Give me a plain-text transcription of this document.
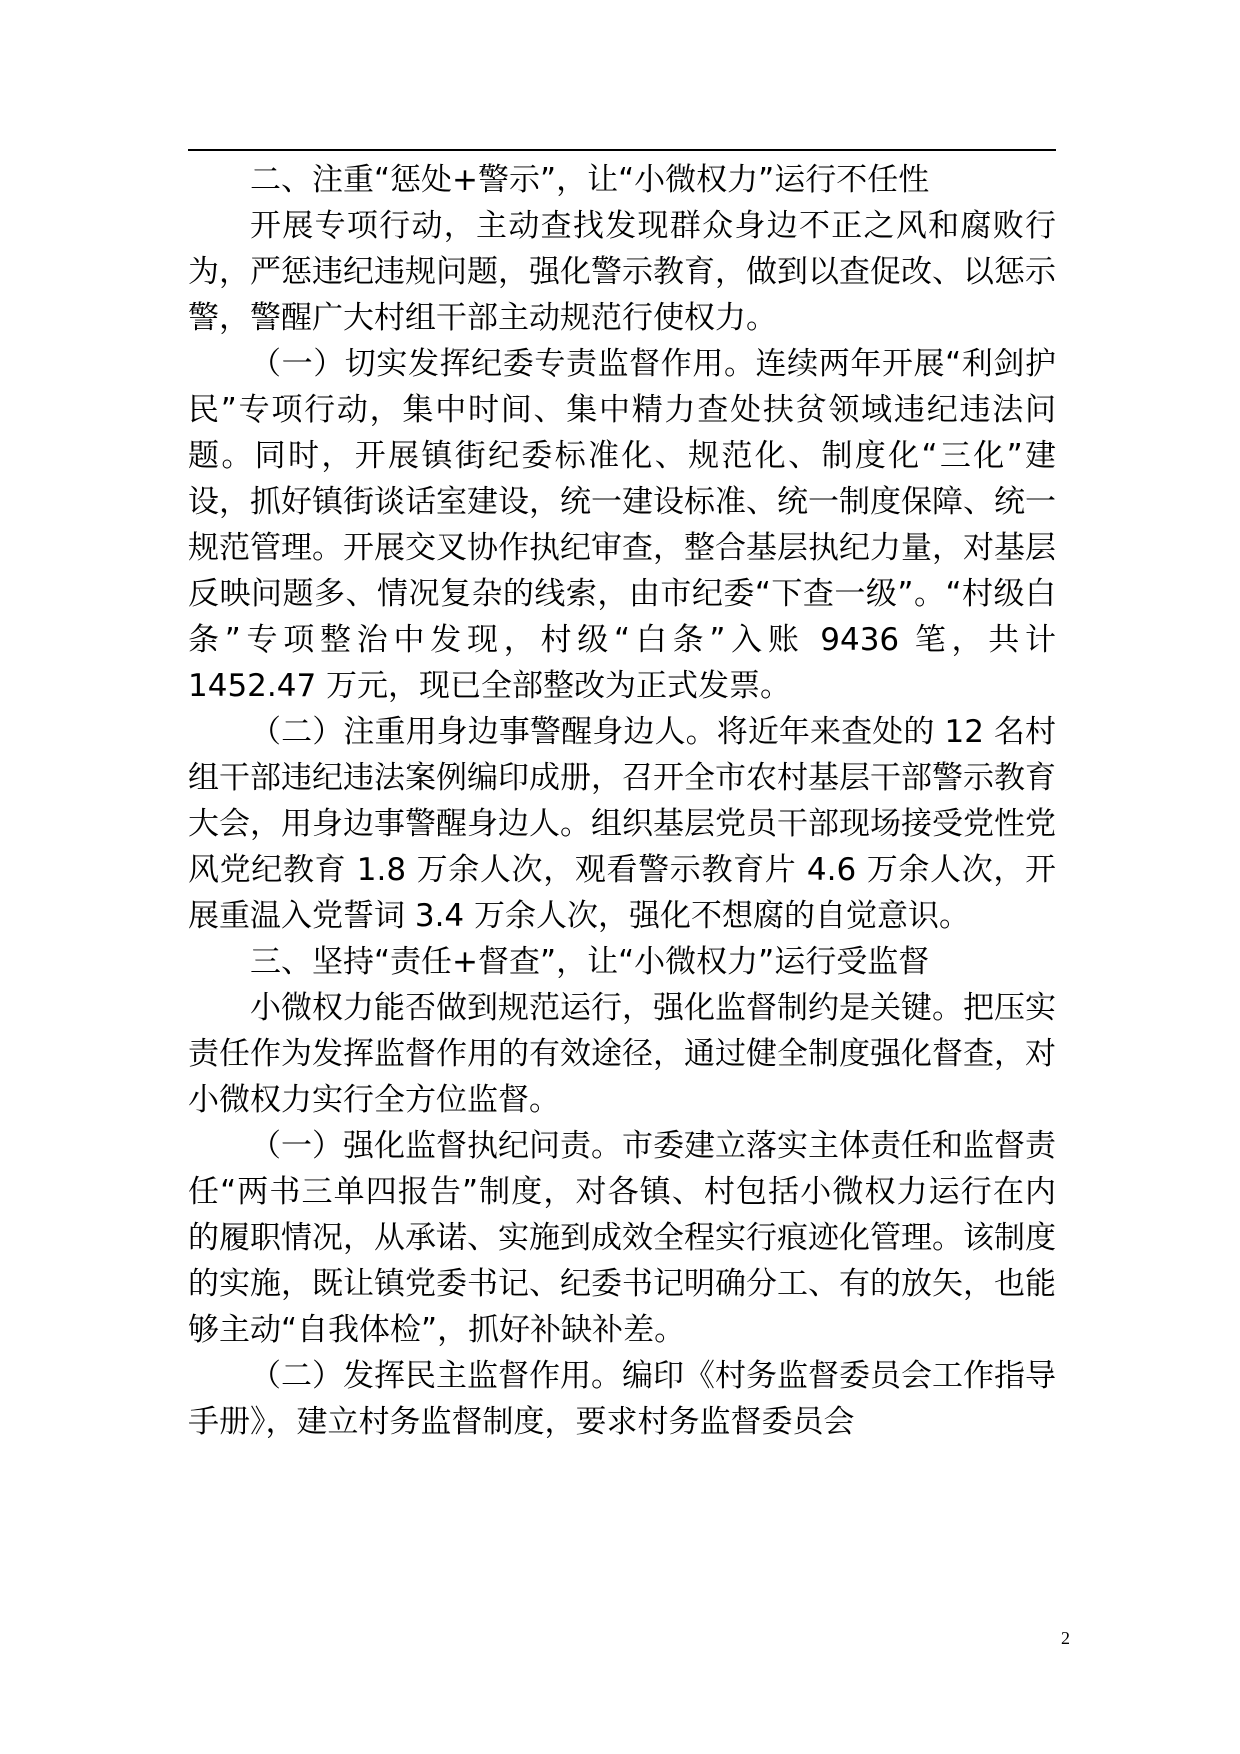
二、注重“惩处+警示”，让“小微权力”运行不任性

开展专项行动，主动查找发现群众身边不正之风和腐败行为，严惩违纪违规问题，强化警示教育，做到以查促改、以惩示警，警醒广大村组干部主动规范行使权力。

（一）切实发挥纪委专责监督作用。连续两年开展“利剑护民”专项行动，集中时间、集中精力查处扶贫领域违纪违法问题。同时，开展镇街纪委标准化、规范化、制度化“三化”建设，抓好镇街谈话室建设，统一建设标准、统一制度保障、统一规范管理。开展交叉协作执纪审查，整合基层执纪力量，对基层反映问题多、情况复杂的线索，由市纪委“下查一级”。“村级白条”专项整治中发现，村级“白条”入账 9436 笔，共计 1452.47 万元，现已全部整改为正式发票。

（二）注重用身边事警醒身边人。将近年来查处的 12 名村组干部违纪违法案例编印成册，召开全市农村基层干部警示教育大会，用身边事警醒身边人。组织基层党员干部现场接受党性党风党纪教育 1.8 万余人次，观看警示教育片 4.6 万余人次，开展重温入党誓词 3.4 万余人次，强化不想腐的自觉意识。

三、坚持“责任+督查”，让“小微权力”运行受监督

小微权力能否做到规范运行，强化监督制约是关键。把压实责任作为发挥监督作用的有效途径，通过健全制度强化督查，对小微权力实行全方位监督。

（一）强化监督执纪问责。市委建立落实主体责任和监督责任“两书三单四报告”制度，对各镇、村包括小微权力运行在内的履职情况，从承诺、实施到成效全程实行痕迹化管理。该制度的实施，既让镇党委书记、纪委书记明确分工、有的放矢，也能够主动“自我体检”，抓好补缺补差。

（二）发挥民主监督作用。编印《村务监督委员会工作指导手册》，建立村务监督制度，要求村务监督委员会

2
